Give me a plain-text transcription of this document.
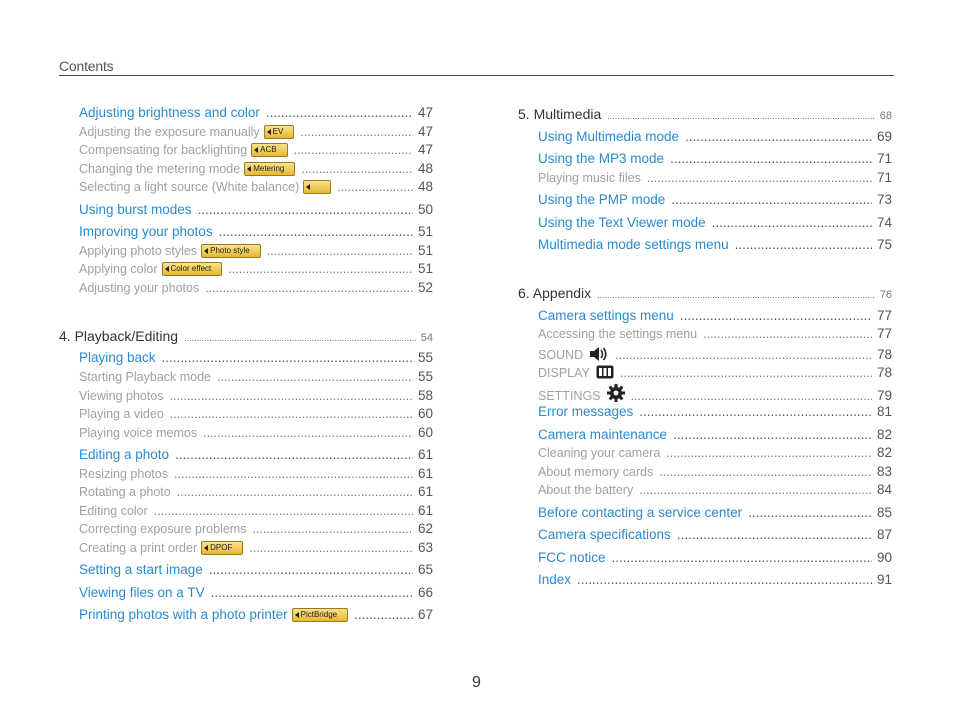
Contents
Adjusting brightness and color .....	47
Adjusting the exposure manually EV .....	47
Compensating for backlighting ACB .....	47
Changing the metering mode Metering .....	48
Selecting a light source (White balance) .....	48
Using burst modes .....	50
Improving your photos .....	51
Applying photo styles Photo style .....	51
Applying color Color effect .....	51
Adjusting your photos .....	52
4. Playback/Editing .....	54
Playing back .....	55
Starting Playback mode .....	55
Viewing photos .....	58
Playing a video .....	60
Playing voice memos .....	60
Editing a photo .....	61
Resizing photos .....	61
Rotating a photo .....	61
Editing color .....	61
Correcting exposure problems .....	62
Creating a print order DPOF .....	63
Setting a start image .....	65
Viewing files on a TV .....	66
Printing photos with a photo printer PictBridge .....	67
5. Multimedia .....	68
Using Multimedia mode .....	69
Using the MP3 mode .....	71
Playing music files .....	71
Using the PMP mode .....	73
Using the Text Viewer mode .....	74
Multimedia mode settings menu .....	75
6. Appendix .....	76
Camera settings menu .....	77
Accessing the settings menu .....	77
SOUND .....	78
DISPLAY .....	78
SETTINGS .....	79
Error messages .....	81
Camera maintenance .....	82
Cleaning your camera .....	82
About memory cards .....	83
About the battery .....	84
Before contacting a service center .....	85
Camera specifications .....	87
FCC notice .....	90
Index .....	91
9
